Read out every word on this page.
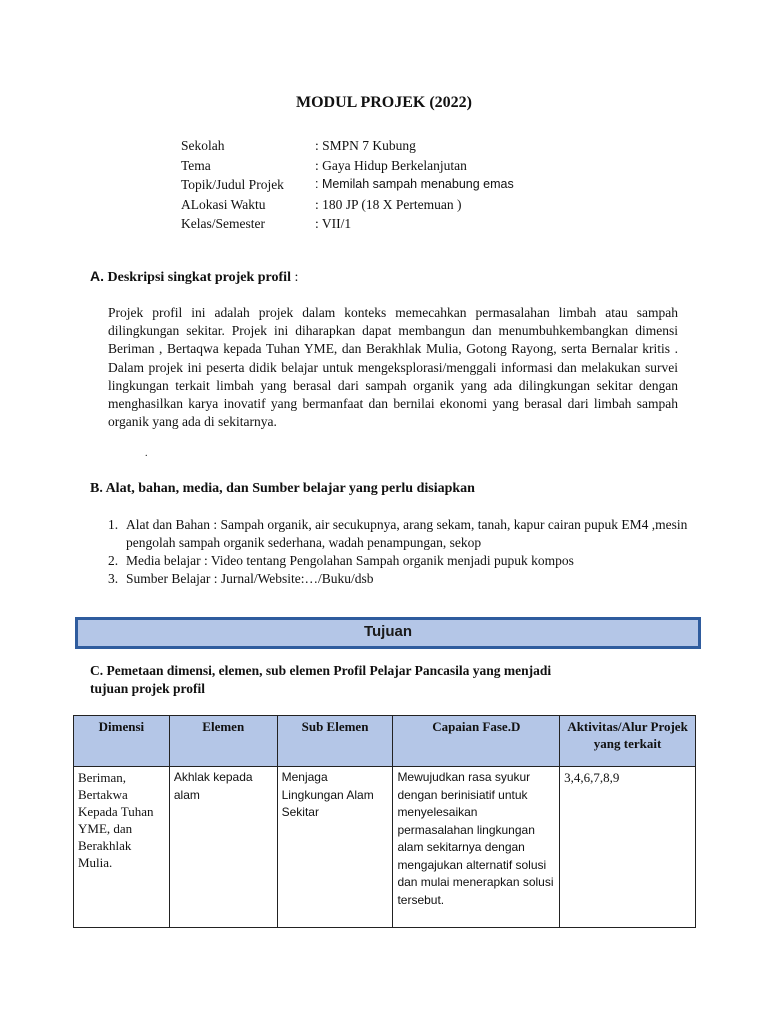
MODUL PROJEK (2022)
Sekolah	: SMPN 7 Kubung
Tema	: Gaya Hidup Berkelanjutan
Topik/Judul Projek	: Memilah sampah menabung emas
ALokasi Waktu	: 180 JP (18 X Pertemuan )
Kelas/Semester	: VII/1
A. Deskripsi singkat projek profil :
Projek profil ini adalah projek dalam konteks memecahkan permasalahan limbah atau sampah dilingkungan sekitar. Projek ini diharapkan dapat membangun dan menumbuhkembangkan dimensi Beriman , Bertaqwa kepada Tuhan YME, dan Berakhlak Mulia, Gotong Rayong, serta Bernalar kritis . Dalam projek ini peserta didik belajar untuk mengeksplorasi/menggali informasi dan melakukan survei lingkungan terkait limbah yang berasal dari sampah organik yang ada dilingkungan sekitar dengan menghasilkan karya inovatif yang bermanfaat dan bernilai ekonomi yang berasal dari limbah sampah organik yang ada di sekitarnya.
.
B. Alat, bahan, media, dan Sumber belajar yang perlu disiapkan
1. Alat dan Bahan : Sampah organik, air secukupnya, arang sekam, tanah, kapur cairan pupuk EM4 ,mesin pengolah sampah organik sederhana, wadah penampungan, sekop
2. Media belajar : Video tentang Pengolahan Sampah organik menjadi pupuk kompos
3. Sumber Belajar : Jurnal/Website:…/Buku/dsb
Tujuan
C. Pemetaan dimensi, elemen, sub elemen Profil Pelajar Pancasila yang menjadi tujuan projek profil
Dimensi	Elemen	Sub Elemen	Capaian Fase.D	Aktivitas/Alur Projek yang terkait
Beriman, Bertakwa Kepada Tuhan YME, dan Berakhlak Mulia.	Akhlak kepada alam	Menjaga Lingkungan Alam Sekitar	Mewujudkan rasa syukur dengan berinisiatif untuk menyelesaikan permasalahan lingkungan alam sekitarnya dengan mengajukan alternatif solusi dan mulai menerapkan solusi tersebut.	3,4,6,7,8,9
